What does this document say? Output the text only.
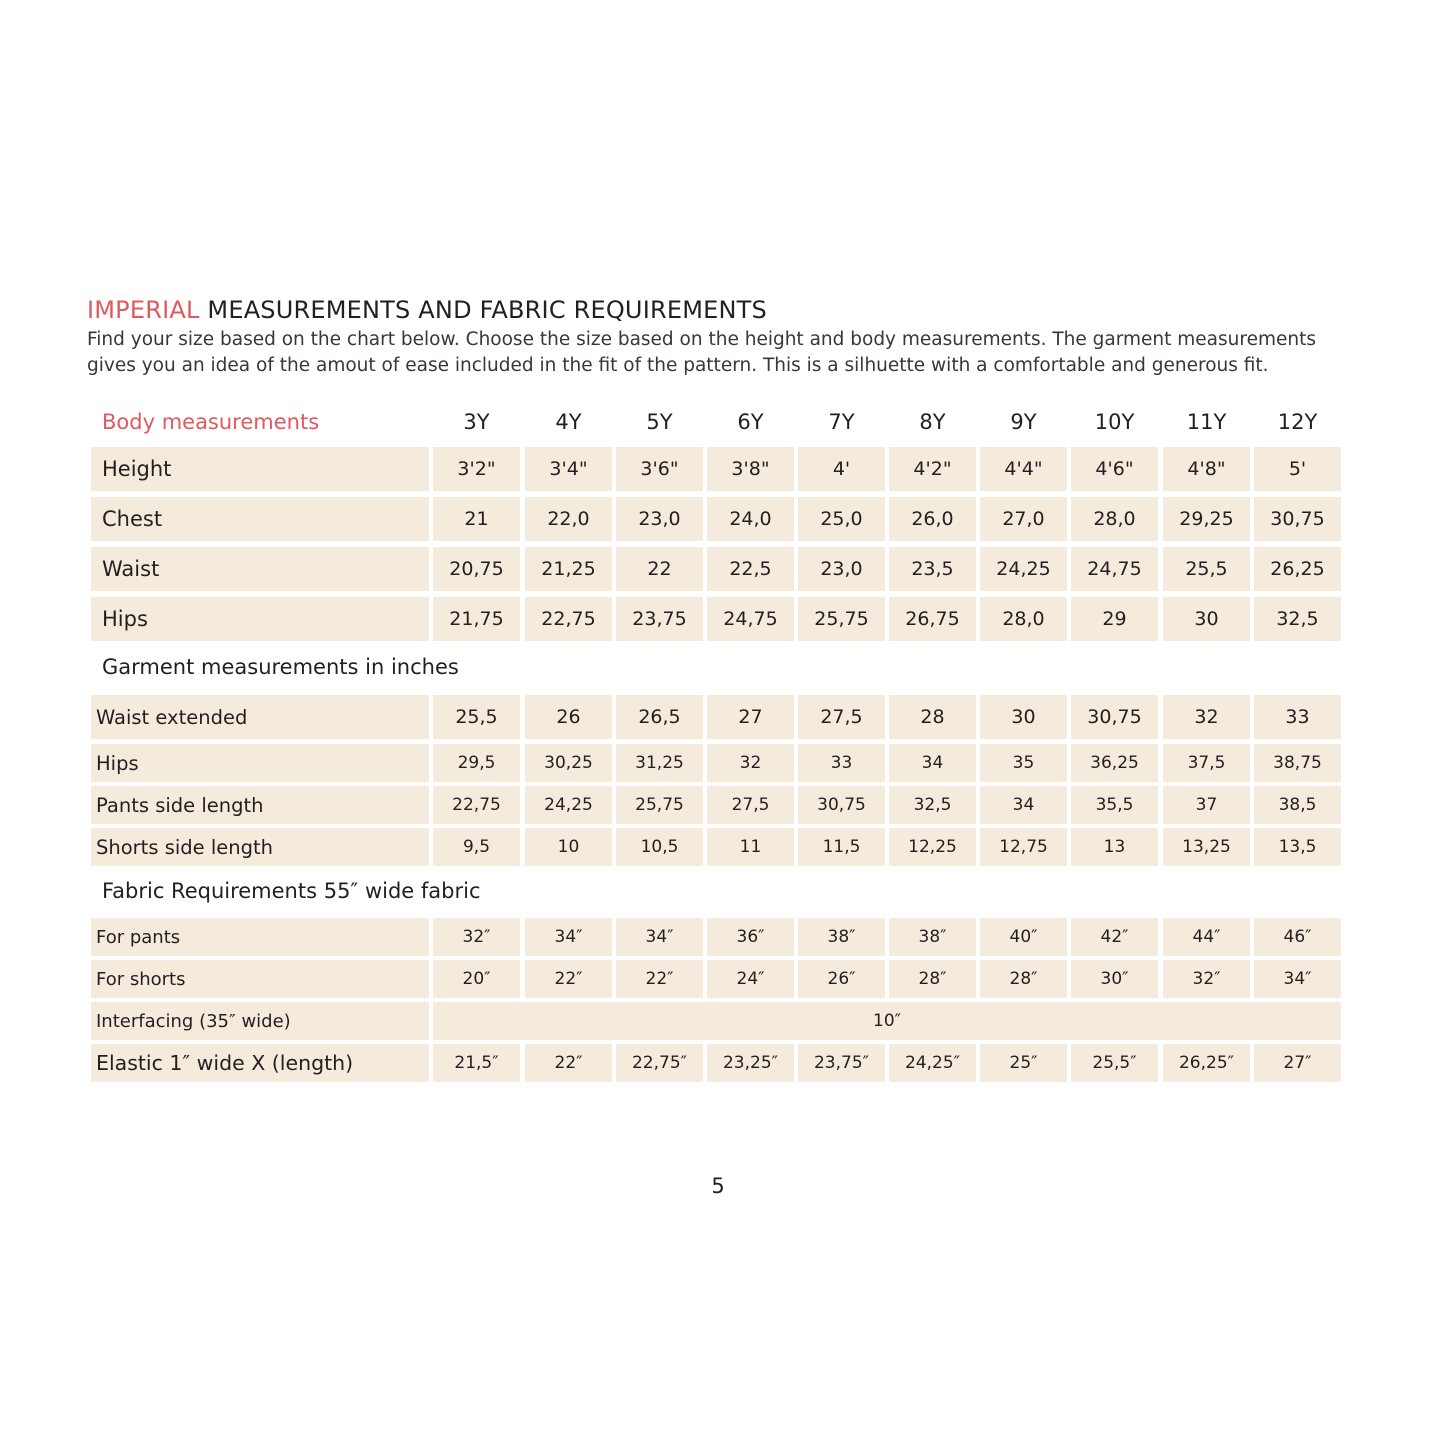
IMPERIAL MEASUREMENTS AND FABRIC REQUIREMENTS
Find your size based on the chart below. Choose the size based on the height and body measurements. The garment measurements
gives you an idea of the amout of ease included in the fit of the pattern. This is a silhuette with a comfortable and generous fit.
Body measurements	3Y	4Y	5Y	6Y	7Y	8Y	9Y	10Y	11Y	12Y
Height	3'2"	3'4"	3'6"	3'8"	4'	4'2"	4'4"	4'6"	4'8"	5'
Chest	21	22,0	23,0	24,0	25,0	26,0	27,0	28,0	29,25	30,75
Waist	20,75	21,25	22	22,5	23,0	23,5	24,25	24,75	25,5	26,25
Hips	21,75	22,75	23,75	24,75	25,75	26,75	28,0	29	30	32,5
Garment measurements in inches
Waist extended	25,5	26	26,5	27	27,5	28	30	30,75	32	33
Hips	29,5	30,25	31,25	32	33	34	35	36,25	37,5	38,75
Pants side length	22,75	24,25	25,75	27,5	30,75	32,5	34	35,5	37	38,5
Shorts side length	9,5	10	10,5	11	11,5	12,25	12,75	13	13,25	13,5
Fabric Requirements 55″ wide fabric
For pants	32″	34″	34″	36″	38″	38″	40″	42″	44″	46″
For shorts	20″	22″	22″	24″	26″	28″	28″	30″	32″	34″
Interfacing (35″ wide)	10″
Elastic 1″ wide X (length)	21,5″	22″	22,75″	23,25″	23,75″	24,25″	25″	25,5″	26,25″	27″
5
